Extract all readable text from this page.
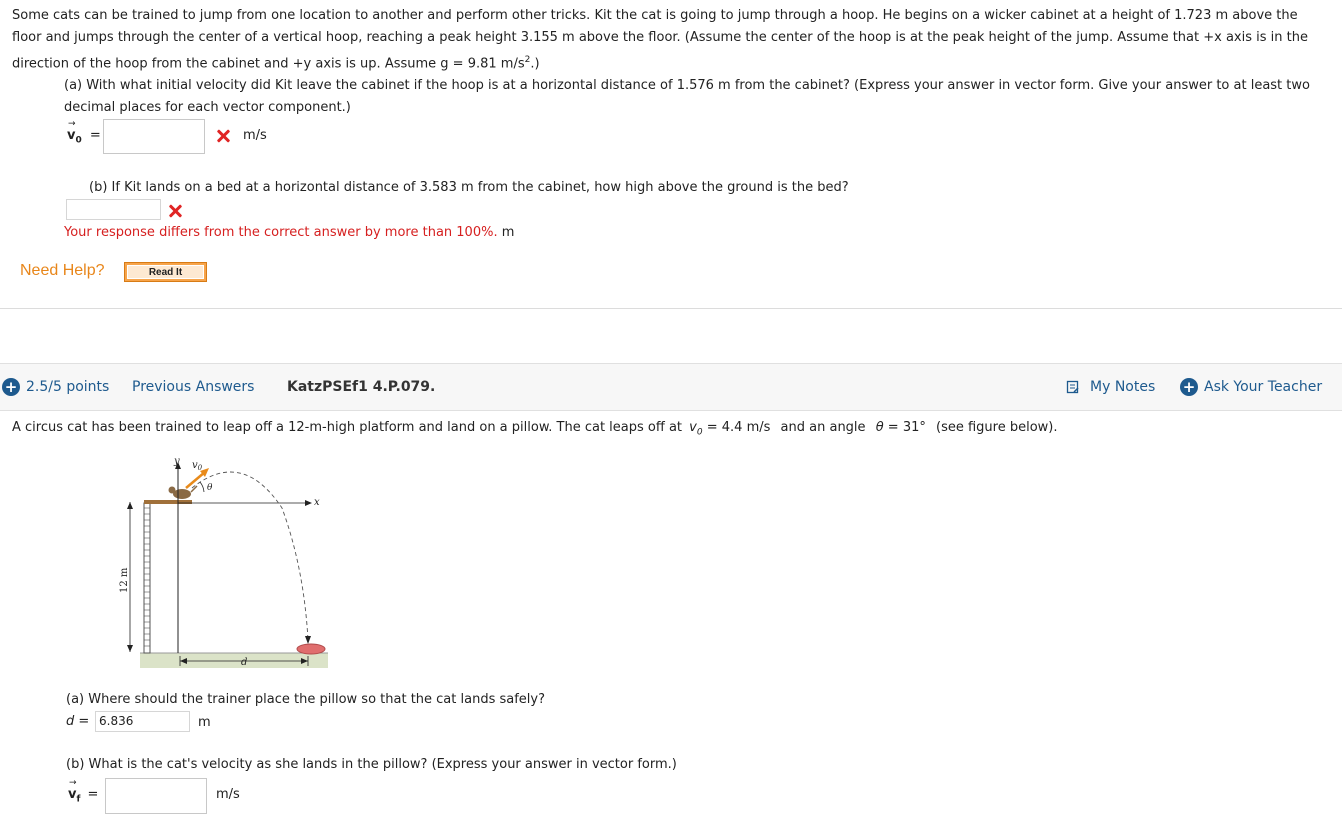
Some cats can be trained to jump from one location to another and perform other tricks. Kit the cat is going to jump through a hoop. He begins on a wicker cabinet at a height of 1.723 m above the
floor and jumps through the center of a vertical hoop, reaching a peak height 3.155 m above the floor. (Assume the center of the hoop is at the peak height of the jump. Assume that +x axis is in the
direction of the hoop from the cabinet and +y axis is up. Assume g = 9.81 $m/s^2$.)
(a) With what initial velocity did Kit leave the cabinet if the hoop is at a horizontal distance of 1.576 m from the cabinet? (Express your answer in vector form. Give your answer to at least two
decimal places for each vector component.)
→
$v_0$ =	m/s
(b) If Kit lands on a bed at a horizontal distance of 3.583 m from the cabinet, how high above the ground is the bed?
Your response differs from the correct answer by more than 100%. m
Need Help?	Read It
+ 2.5/5 points Previous Answers KatzPSEf1 4.P.079.	My Notes + Ask Your Teacher
A circus cat has been trained to leap off a 12-m-high platform and land on a pillow. The cat leaps off at $v_0 = 4.4$ m/s and an angle θ = 31° (see figure below).
y $v_0$
θ
x
12 m
d
(a) Where should the trainer place the pillow so that the cat lands safely?
d = 6.836	m
(b) What is the cat's velocity as she lands in the pillow? (Express your answer in vector form.)
→
$v_f$ =	m/s
